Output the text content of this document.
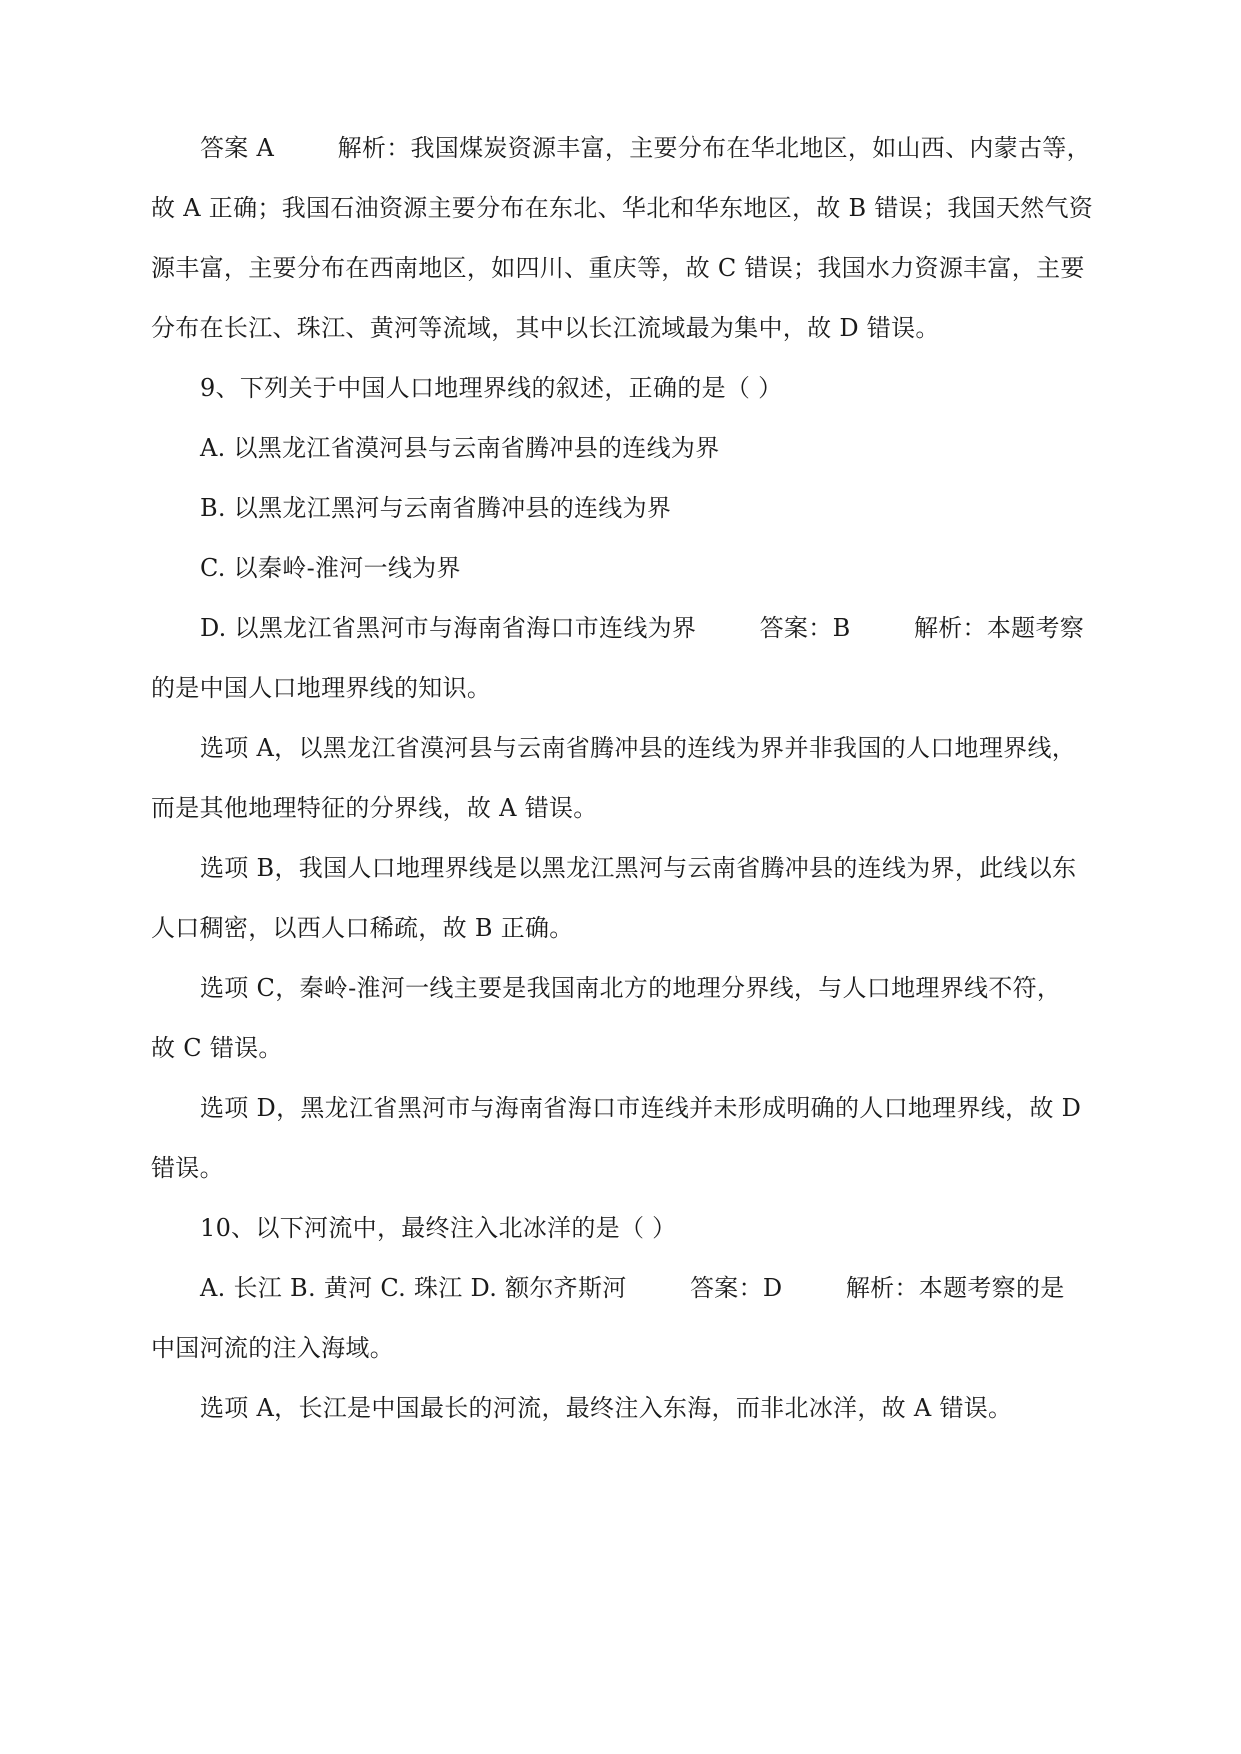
答案 A        解析：我国煤炭资源丰富，主要分布在华北地区，如山西、内蒙古等，
故 A 正确；我国石油资源主要分布在东北、华北和华东地区，故 B 错误；我国天然气资
源丰富，主要分布在西南地区，如四川、重庆等，故 C 错误；我国水力资源丰富，主要
分布在长江、珠江、黄河等流域，其中以长江流域最为集中，故 D 错误。
9、下列关于中国人口地理界线的叙述，正确的是（ ）
A. 以黑龙江省漠河县与云南省腾冲县的连线为界
B. 以黑龙江黑河与云南省腾冲县的连线为界
C. 以秦岭-淮河一线为界
D. 以黑龙江省黑河市与海南省海口市连线为界        答案：B        解析：本题考察
的是中国人口地理界线的知识。
选项 A，以黑龙江省漠河县与云南省腾冲县的连线为界并非我国的人口地理界线，
而是其他地理特征的分界线，故 A 错误。
选项 B，我国人口地理界线是以黑龙江黑河与云南省腾冲县的连线为界，此线以东
人口稠密，以西人口稀疏，故 B 正确。
选项 C，秦岭-淮河一线主要是我国南北方的地理分界线，与人口地理界线不符，
故 C 错误。
选项 D，黑龙江省黑河市与海南省海口市连线并未形成明确的人口地理界线，故 D
错误。
10、以下河流中，最终注入北冰洋的是（ ）
A. 长江 B. 黄河 C. 珠江 D. 额尔齐斯河        答案：D        解析：本题考察的是
中国河流的注入海域。
选项 A，长江是中国最长的河流，最终注入东海，而非北冰洋，故 A 错误。
